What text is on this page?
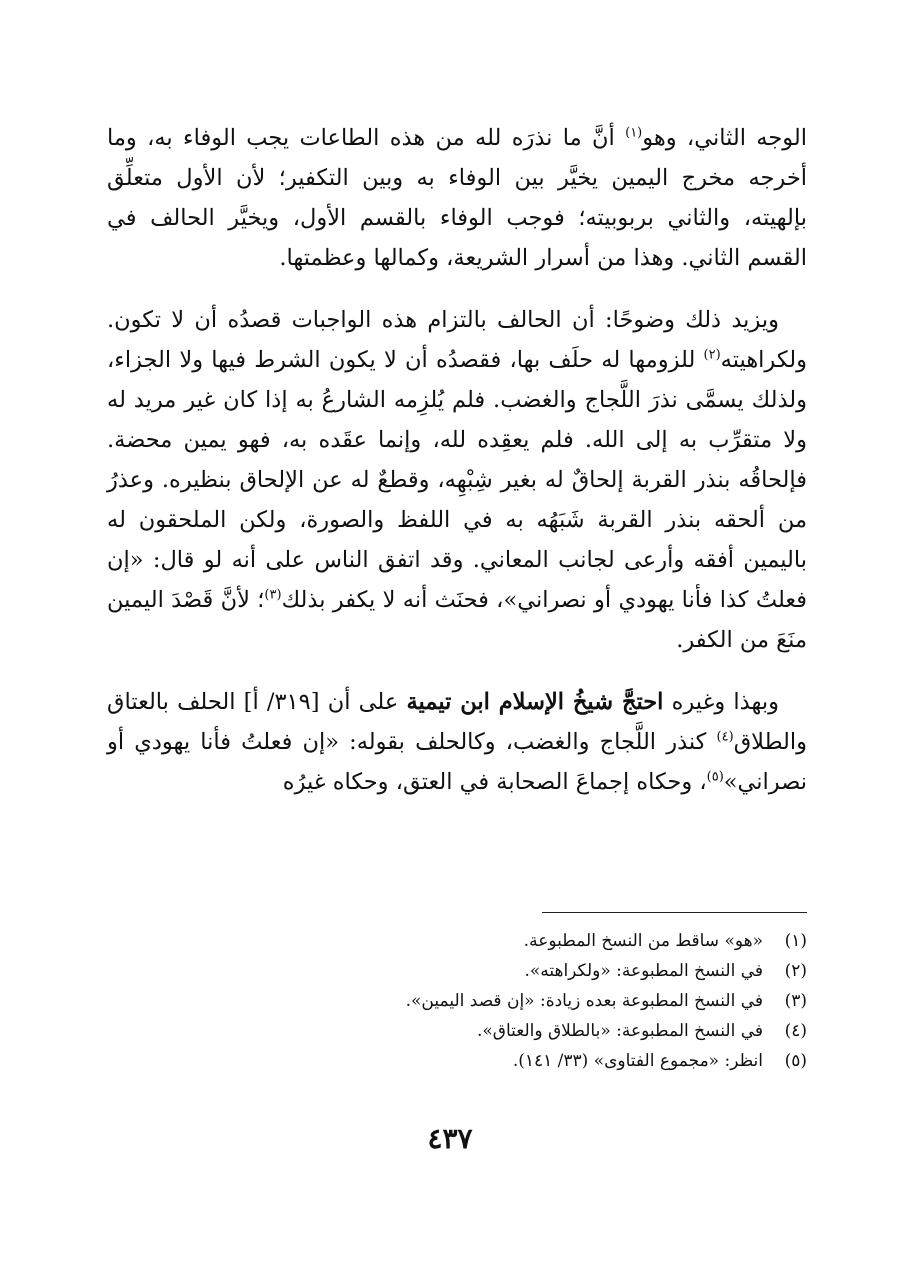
الوجه الثاني، وهو$^{(١)}$ أنَّ ما نذرَه لله من هذه الطاعات يجب الوفاء به، وما أخرجه مخرج اليمين يخيَّر بين الوفاء به وبين التكفير؛ لأن الأول متعلِّق بإلهيته، والثاني بربوبيته؛ فوجب الوفاء بالقسم الأول، ويخيَّر الحالف في القسم الثاني. وهذا من أسرار الشريعة، وكمالها وعظمتها.

ويزيد ذلك وضوحًا: أن الحالف بالتزام هذه الواجبات قصدُه أن لا تكون. ولكراهيته$^{(٢)}$ للزومها له حلَف بها، فقصدُه أن لا يكون الشرط فيها ولا الجزاء، ولذلك يسمَّى نذرَ اللَّجاج والغضب. فلم يُلزِمه الشارعُ به إذا كان غير مريد له ولا متقرِّب به إلى الله. فلم يعقِده لله، وإنما عقَده به، فهو يمين محضة. فإلحاقُه بنذر القربة إلحاقٌ له بغير شِبْهِه، وقطعٌ له عن الإلحاق بنظيره. وعذرُ من ألحقه بنذر القربة شَبَهُه به في اللفظ والصورة، ولكن الملحقون له باليمين أفقه وأرعى لجانب المعاني. وقد اتفق الناس على أنه لو قال: «إن فعلتُ كذا فأنا يهودي أو نصراني»، فحنَث أنه لا يكفر بذلك$^{(٣)}$؛ لأنَّ قَصْدَ اليمين منَعَ من الكفر.

وبهذا وغيره احتجَّ شيخُ الإسلام ابن تيمية على أن [٣١٩/ أ] الحلف بالعتاق والطلاق$^{(٤)}$ كنذر اللَّجاج والغضب، وكالحلف بقوله: «إن فعلتُ فأنا يهودي أو نصراني»$^{(٥)}$، وحكاه إجماعَ الصحابة في العتق، وحكاه غيرُه

(١)
«هو» ساقط من النسخ المطبوعة.
(٢)
في النسخ المطبوعة: «ولكراهته».
(٣)
في النسخ المطبوعة بعده زيادة: «إن قصد اليمين».
(٤)
في النسخ المطبوعة: «بالطلاق والعتاق».
(٥)
انظر: «مجموع الفتاوى» (٣٣/ ١٤١).
٤٣٧
